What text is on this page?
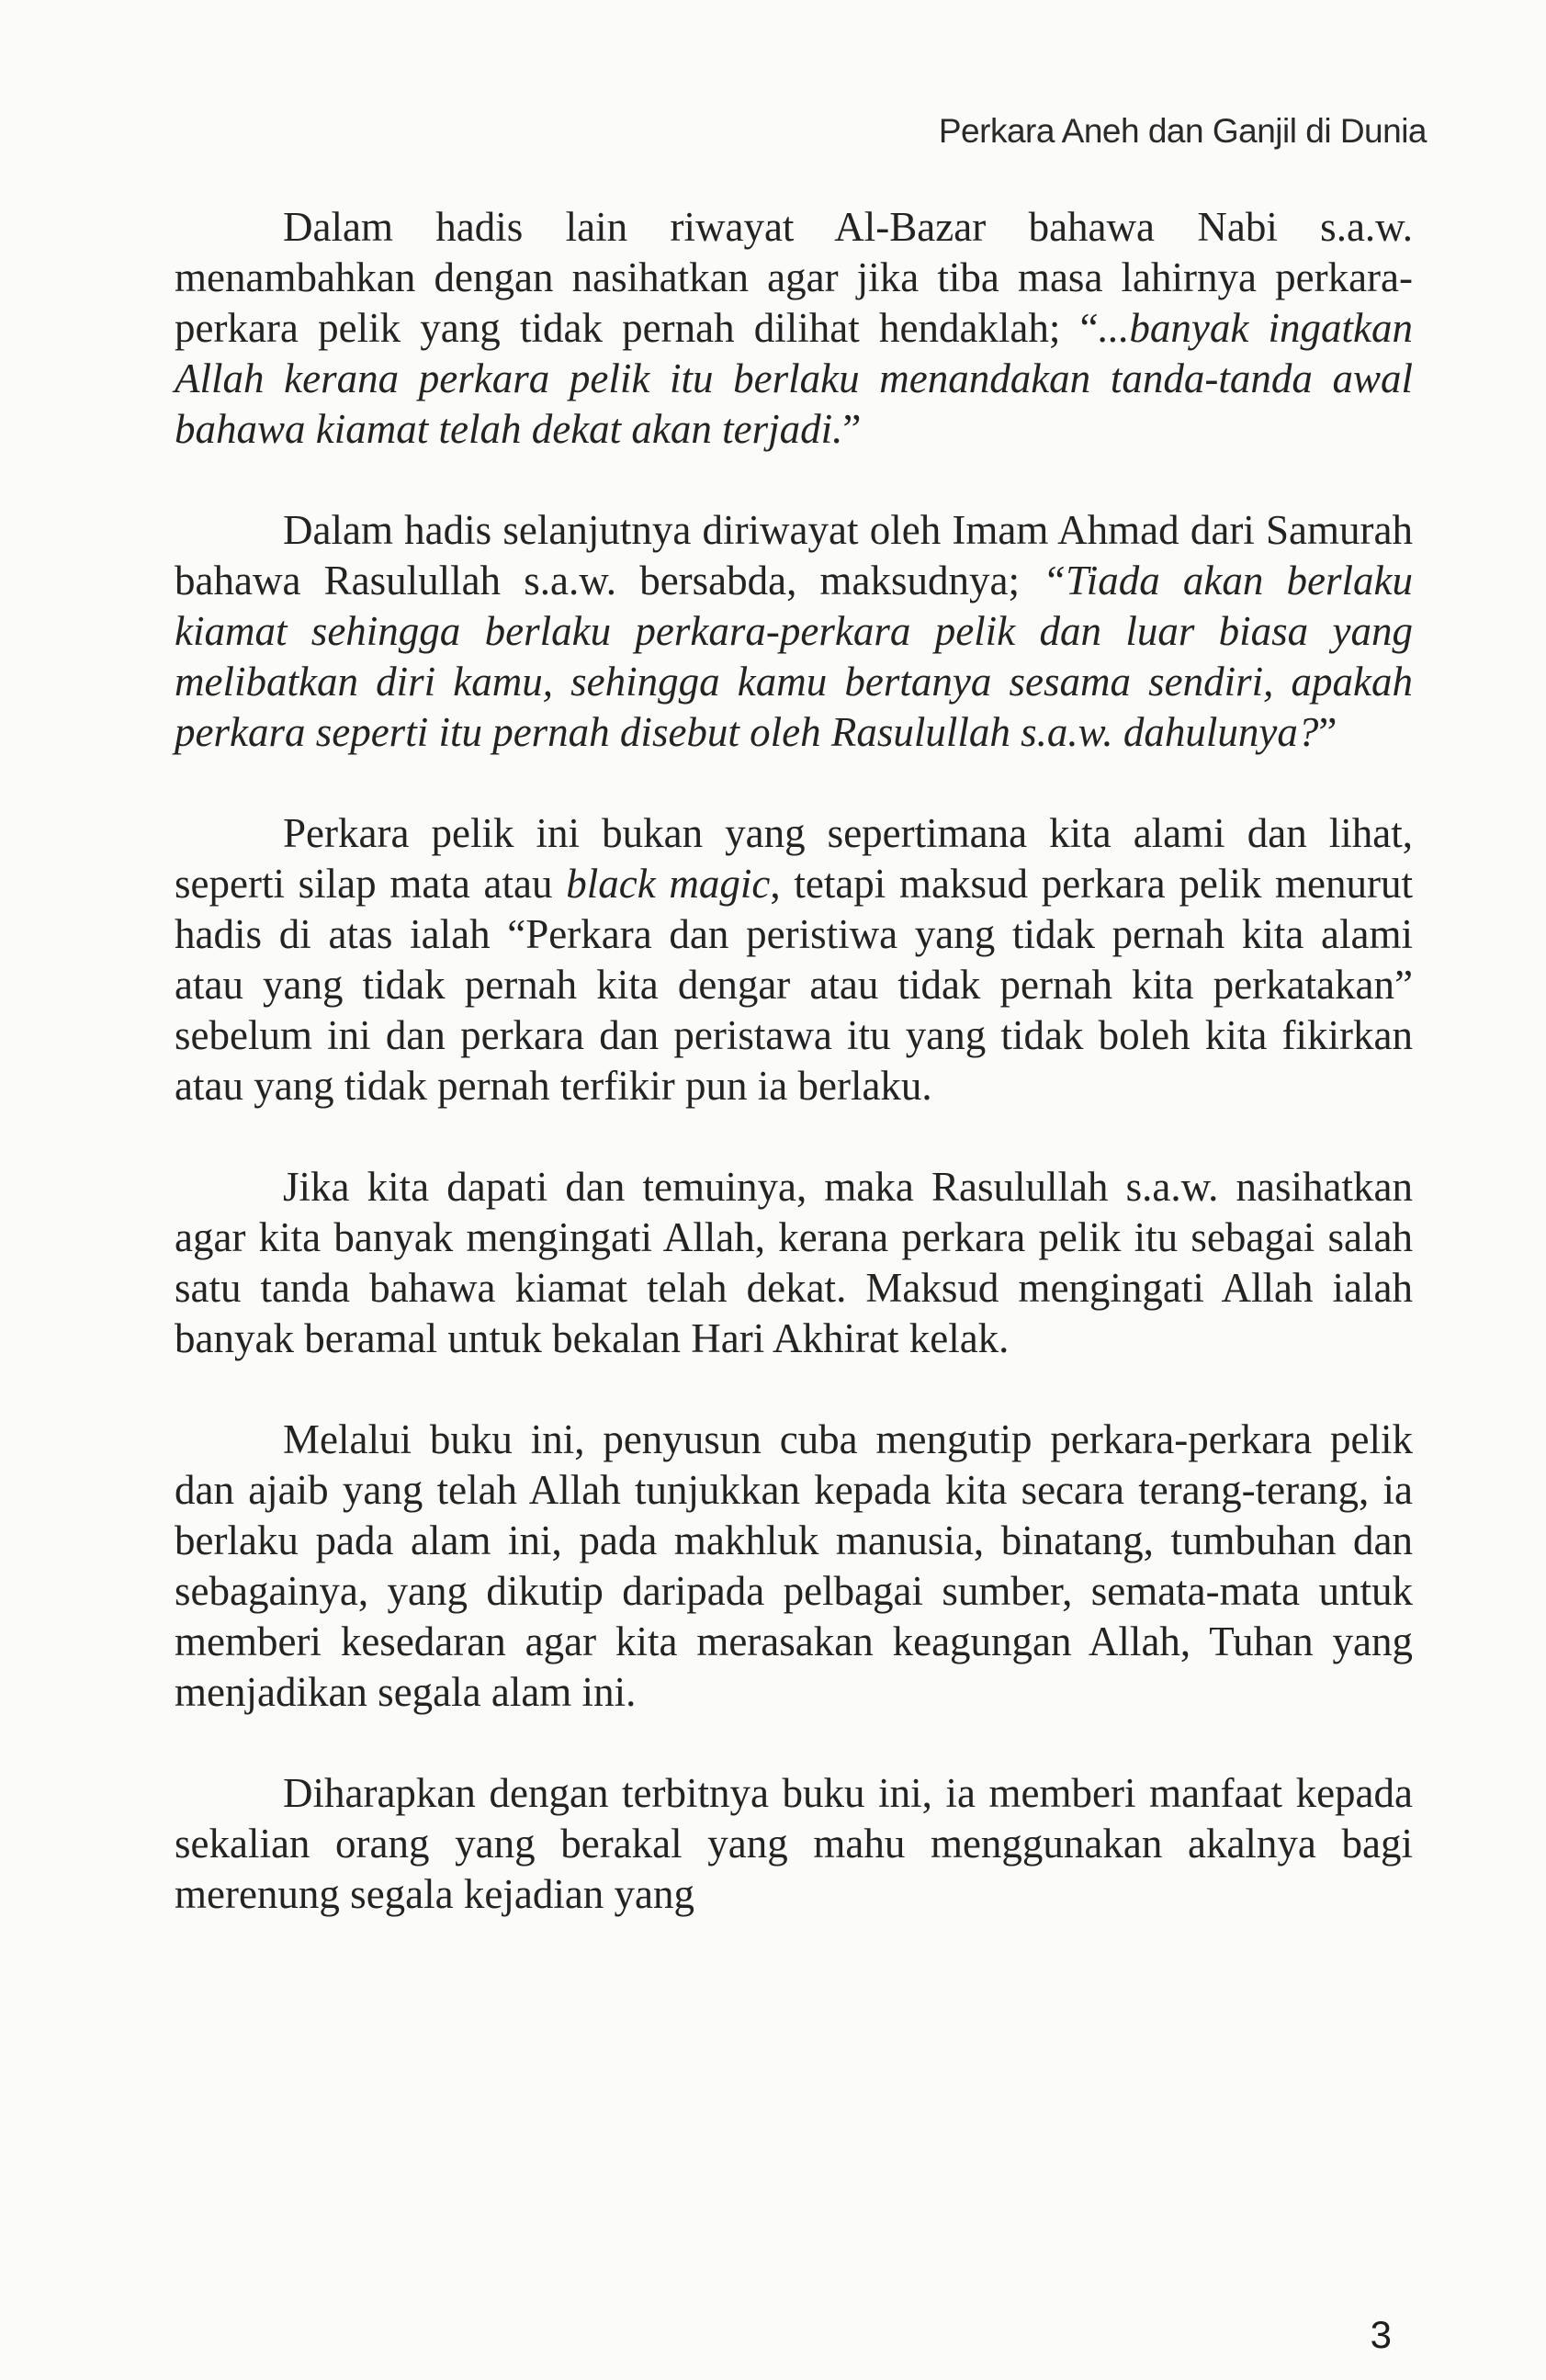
Perkara Aneh dan Ganjil di Dunia

Dalam hadis lain riwayat Al-Bazar bahawa Nabi s.a.w. menambahkan dengan nasihatkan agar jika tiba masa lahirnya perkara-perkara pelik yang tidak pernah dilihat hendaklah; “...banyak ingatkan Allah kerana perkara pelik itu berlaku menandakan tanda-tanda awal bahawa kiamat telah dekat akan terjadi.”

Dalam hadis selanjutnya diriwayat oleh Imam Ahmad dari Samurah bahawa Rasulullah s.a.w. bersabda, maksudnya; “Tiada akan berlaku kiamat sehingga berlaku perkara-perkara pelik dan luar biasa yang melibatkan diri kamu, sehingga kamu bertanya sesama sendiri, apakah perkara seperti itu pernah disebut oleh Rasulullah s.a.w. dahulunya?”

Perkara pelik ini bukan yang sepertimana kita alami dan lihat, seperti silap mata atau black magic, tetapi maksud perkara pelik menurut hadis di atas ialah “Perkara dan peristiwa yang tidak pernah kita alami atau yang tidak pernah kita dengar atau tidak pernah kita perkatakan” sebelum ini dan perkara dan peristawa itu yang tidak boleh kita fikirkan atau yang tidak pernah terfikir pun ia berlaku.

Jika kita dapati dan temuinya, maka Rasulullah s.a.w. nasihatkan agar kita banyak mengingati Allah, kerana perkara pelik itu sebagai salah satu tanda bahawa kiamat telah dekat. Maksud mengingati Allah ialah banyak beramal untuk bekalan Hari Akhirat kelak.

Melalui buku ini, penyusun cuba mengutip perkara-perkara pelik dan ajaib yang telah Allah tunjukkan kepada kita secara terang-terang, ia berlaku pada alam ini, pada makhluk manusia, binatang, tumbuhan dan sebagainya, yang dikutip daripada pelbagai sumber, semata-mata untuk memberi kesedaran agar kita merasakan keagungan Allah, Tuhan yang menjadikan segala alam ini.

Diharapkan dengan terbitnya buku ini, ia memberi manfaat kepada sekalian orang yang berakal yang mahu menggunakan akalnya bagi merenung segala kejadian yang

3
